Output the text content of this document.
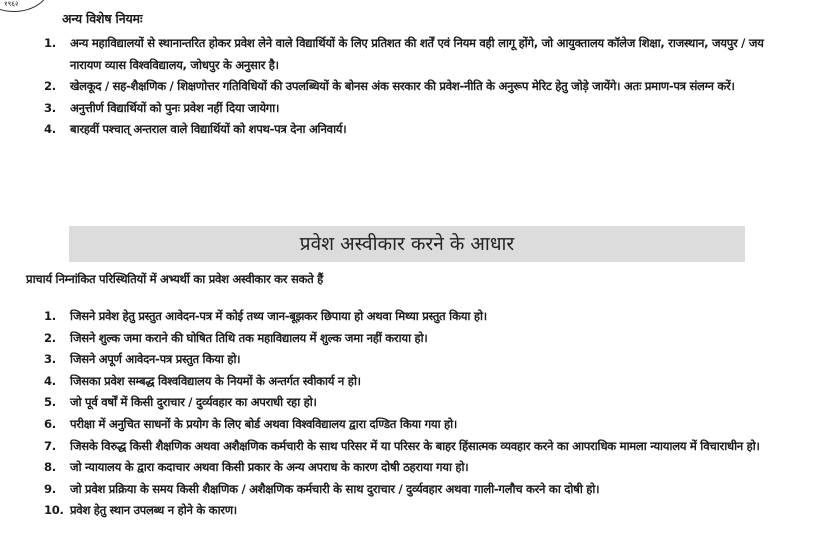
१९६२
अन्य विशेष नियमः
1. अन्य महाविद्यालयों से स्थानान्तरित होकर प्रवेश लेने वाले विद्यार्थियों के लिए प्रतिशत की शर्तें एवं नियम वही लागू होंगे, जो आयुक्तालय कॉलेज शिक्षा, राजस्थान, जयपुर / जय नारायण व्यास विश्वविद्यालय, जोधपुर के अनुसार है।
2. खेलकूद / सह-शैक्षणिक / शिक्षणोत्तर गतिविधियों की उपलब्धियों के बोनस अंक सरकार की प्रवेश-नीति के अनुरूप मेरिट हेतु जोड़े जायेंगे। अतः प्रमाण-पत्र संलग्न करें।
3. अनुत्तीर्ण विद्यार्थियों को पुनः प्रवेश नहीं दिया जायेगा।
4. बारहवीं पश्चात् अन्तराल वाले विद्यार्थियों को शपथ-पत्र देना अनिवार्य।
प्रवेश अस्वीकार करने के आधार
प्राचार्य निम्नांकित परिस्थितियों में अभ्यर्थी का प्रवेश अस्वीकार कर सकते हैं
1. जिसने प्रवेश हेतु प्रस्तुत आवेदन-पत्र में कोई तथ्य जान-बूझकर छिपाया हो अथवा मिथ्या प्रस्तुत किया हो।
2. जिसने शुल्क जमा कराने की घोषित तिथि तक महाविद्यालय में शुल्क जमा नहीं कराया हो।
3. जिसने अपूर्ण आवेदन-पत्र प्रस्तुत किया हो।
4. जिसका प्रवेश सम्बद्ध विश्वविद्यालय के नियमों के अन्तर्गत स्वीकार्य न हो।
5. जो पूर्व वर्षों में किसी दुराचार / दुर्व्यवहार का अपराधी रहा हो।
6. परीक्षा में अनुचित साधनों के प्रयोग के लिए बोर्ड अथवा विश्वविद्यालय द्वारा दण्डित किया गया हो।
7. जिसके विरुद्ध किसी शैक्षणिक अथवा अशैक्षणिक कर्मचारी के साथ परिसर में या परिसर के बाहर हिंसात्मक व्यवहार करने का आपराधिक मामला न्यायालय में विचाराधीन हो।
8. जो न्यायालय के द्वारा कदाचार अथवा किसी प्रकार के अन्य अपराध के कारण दोषी ठहराया गया हो।
9. जो प्रवेश प्रक्रिया के समय किसी शैक्षणिक / अशैक्षणिक कर्मचारी के साथ दुराचार / दुर्व्यवहार अथवा गाली-गलौच करने का दोषी हो।
10. प्रवेश हेतु स्थान उपलब्ध न होने के कारण।
